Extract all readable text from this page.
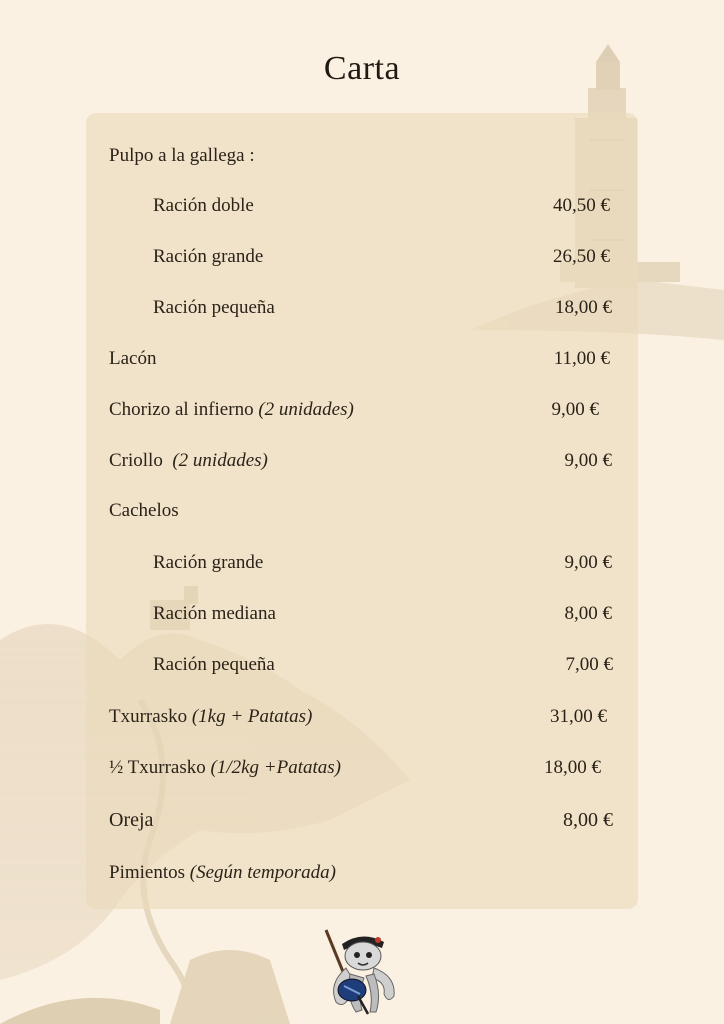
Carta
Pulpo a la gallega :
Ración doble	40,50 €
Ración grande	26,50 €
Ración pequeña	18,00 €
Lacón	11,00 €
Chorizo al infierno (2 unidades)	9,00 €
Criollo  (2 unidades)	9,00 €
Cachelos
Ración grande	9,00 €
Ración mediana	8,00 €
Ración pequeña	7,00 €
Txurrasko (1kg + Patatas)	31,00 €
½ Txurrasko (1/2kg +Patatas)	18,00 €
Oreja	8,00 €
Pimientos (Según temporada)
